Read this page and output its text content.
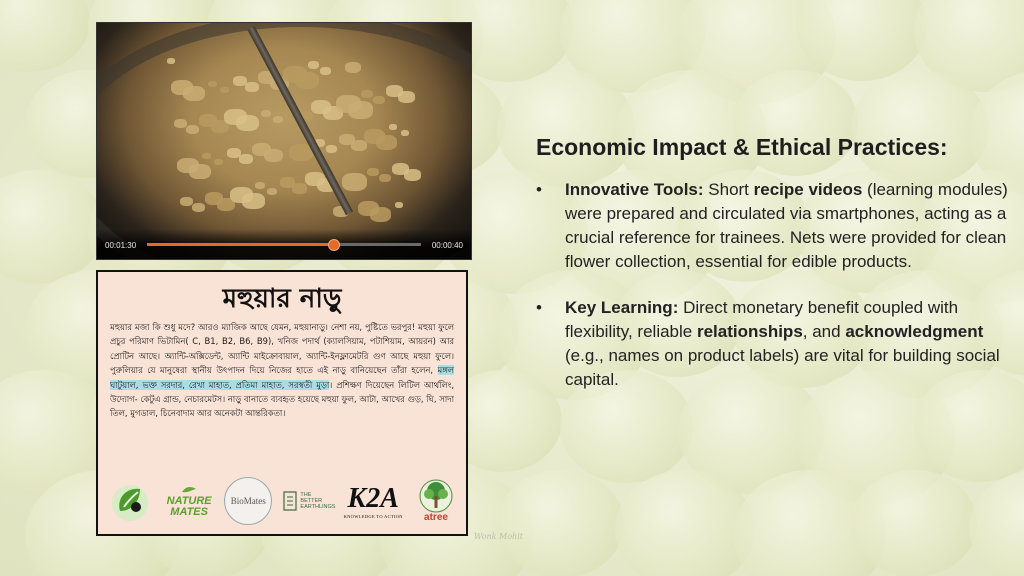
00:01:30	00:00:40
মহুয়ার নাড়ু
মহুয়ার মজা কি শুধু মদে? আরও ম্যাজিক আছে যেমন, মহুয়ানাড়ু। নেশা নয়, পুষ্টিতে ভরপুর! মহুয়া ফুলে প্রচুর পরিমাণ ভিটামিন( C, B1, B2, B6, B9), খনিজ পদার্থ (ক্যালসিয়াম, পটাশিয়াম, আয়রন) আর প্রোটিন আছে। অ্যান্টি-অক্সিডেন্ট, অ্যান্টি মাইক্রোবায়াল, অ্যান্টি-ইনফ্লামেটরি গুণ আছে মহুয়া ফুলে। পুরুলিয়ার যে মানুষেরা স্থানীয় উৎপাদন দিয়ে নিজের হাতে এই নাড়ু বানিয়েছেন তাঁরা হলেন, মঙ্গল ঘাটুয়াল, ভক্ত সরদার, রেখা মাহাত, প্রতিমা মাহাত, সরস্বতী মুড়া। প্রশিক্ষণ দিয়েছেন লিটিল আর্থলিং, উদ্যোগ- কেটুএ গ্রান্ড, নেচারমেটস। নাড়ু বানাতে ব্যবহৃত হয়েছে মহুয়া ফুল, আটা, আখের গুড়, ঘি, সাদা তিল, মুগডাল, চিনেবাদাম আর অনেকটা আন্তরিকতা।
NATURE MATES
BioMates
THE BETTER EARTHLINGS K2A
KNOWLEDGE TO ACTION atree
Economic Impact & Ethical Practices:
• Innovative Tools: Short recipe videos (learning modules) were prepared and circulated via smartphones, acting as a crucial reference for trainees. Nets were provided for clean flower collection, essential for edible products.
• Key Learning: Direct monetary benefit coupled with flexibility, reliable relationships, and acknowledgment (e.g., names on product labels) are vital for building social capital.
Wonk Mohit
